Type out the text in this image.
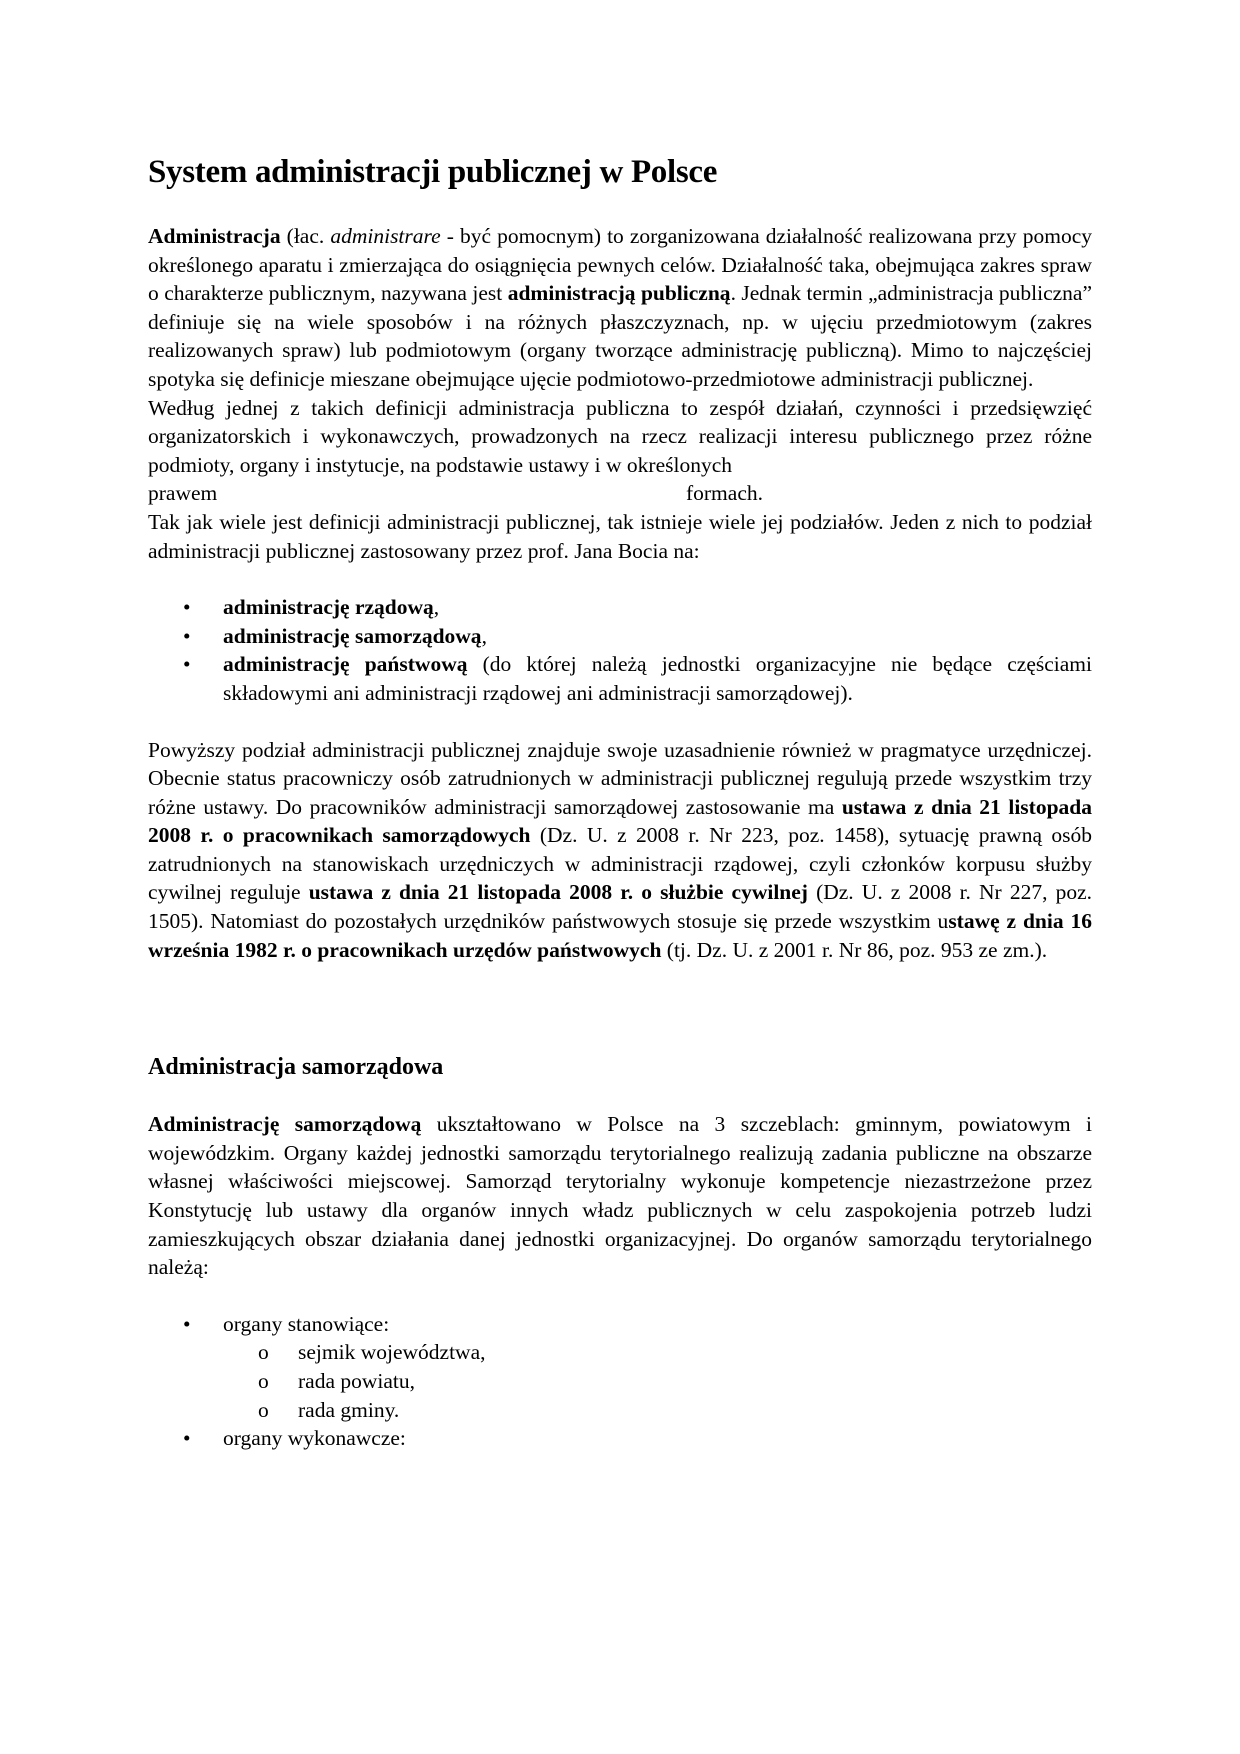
System administracji publicznej w Polsce

Administracja (łac. administrare - być pomocnym) to zorganizowana działalność realizowana przy pomocy określonego aparatu i zmierzająca do osiągnięcia pewnych celów. Działalność taka, obejmująca zakres spraw o charakterze publicznym, nazywana jest administracją publiczną. Jednak termin „administracja publiczna” definiuje się na wiele sposobów i na różnych płaszczyznach, np. w ujęciu przedmiotowym (zakres realizowanych spraw) lub podmiotowym (organy tworzące administrację publiczną). Mimo to najczęściej spotyka się definicje mieszane obejmujące ujęcie podmiotowo-przedmiotowe administracji publicznej.

Według jednej z takich definicji administracja publiczna to zespół działań, czynności i przedsięwzięć organizatorskich i wykonawczych, prowadzonych na rzecz realizacji interesu publicznego przez różne podmioty, organy i instytucje, na podstawie ustawy i w określonych

prawem	formach.

Tak jak wiele jest definicji administracji publicznej, tak istnieje wiele jej podziałów. Jeden z nich to podział administracji publicznej zastosowany przez prof. Jana Bocia na:

•	administrację rządową,
•	administrację samorządową,
•	administrację państwową (do której należą jednostki organizacyjne nie będące częściami składowymi ani administracji rządowej ani administracji samorządowej).

Powyższy podział administracji publicznej znajduje swoje uzasadnienie również w pragmatyce urzędniczej. Obecnie status pracowniczy osób zatrudnionych w administracji publicznej regulują przede wszystkim trzy różne ustawy. Do pracowników administracji samorządowej zastosowanie ma ustawa z dnia 21 listopada 2008 r. o pracownikach samorządowych (Dz. U. z 2008 r. Nr 223, poz. 1458), sytuację prawną osób zatrudnionych na stanowiskach urzędniczych w administracji rządowej, czyli członków korpusu służby cywilnej reguluje ustawa z dnia 21 listopada 2008 r. o służbie cywilnej (Dz. U. z 2008 r. Nr 227, poz. 1505). Natomiast do pozostałych urzędników państwowych stosuje się przede wszystkim ustawę z dnia 16 września 1982 r. o pracownikach urzędów państwowych (tj. Dz. U. z 2001 r. Nr 86, poz. 953 ze zm.).

Administracja samorządowa

Administrację samorządową ukształtowano w Polsce na 3 szczeblach: gminnym, powiatowym i wojewódzkim. Organy każdej jednostki samorządu terytorialnego realizują zadania publiczne na obszarze własnej właściwości miejscowej. Samorząd terytorialny wykonuje kompetencje niezastrzeżone przez Konstytucję lub ustawy dla organów innych władz publicznych w celu zaspokojenia potrzeb ludzi zamieszkujących obszar działania danej jednostki organizacyjnej. Do organów samorządu terytorialnego należą:

•	organy stanowiące:
o sejmik województwa,
o rada powiatu,
o rada gminy.
•	organy wykonawcze:
